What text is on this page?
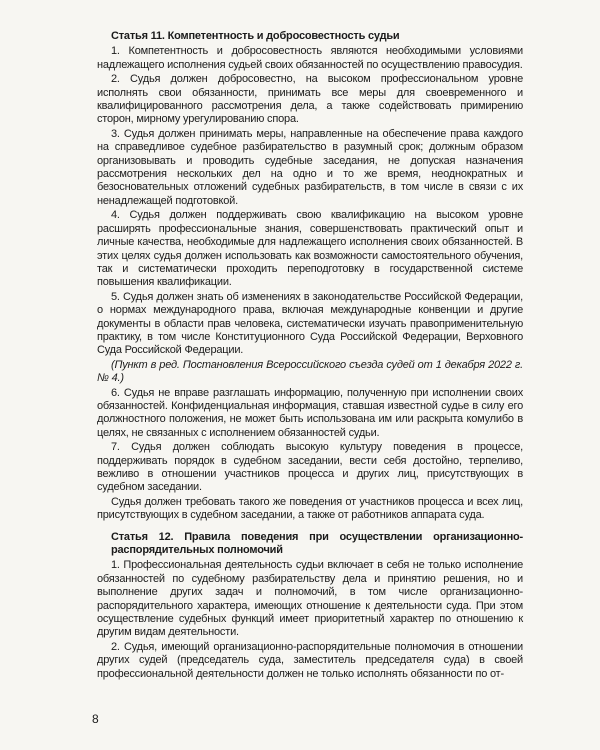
Статья 11. Компетентность и добросовестность судьи

1. Компетентность и добросовестность являются необходимыми условиями надлежащего исполнения судьей своих обязанностей по осуществлению правосудия.

2. Судья должен добросовестно, на высоком профессиональном уровне исполнять свои обязанности, принимать все меры для своевременного и квалифицированного рассмотрения дела, а также содействовать примирению сторон, мирному урегулированию спора.

3. Судья должен принимать меры, направленные на обеспечение права каждого на справедливое судебное разбирательство в разумный срок; должным образом организовывать и проводить судебные заседания, не допуская назначения рассмотрения нескольких дел на одно и то же время, неоднократных и безосновательных отложений судебных разбирательств, в том числе в связи с их ненадлежащей подготовкой.

4. Судья должен поддерживать свою квалификацию на высоком уровне расширять профессиональные знания, совершенствовать практический опыт и личные качества, необходимые для надлежащего исполнения своих обязанностей. В этих целях судья должен использовать как возможности самостоятельного обучения, так и систематически проходить переподготовку в государственной системе повышения квалификации.

5. Судья должен знать об изменениях в законодательстве Российской Федерации, о нормах международного права, включая международные конвенции и другие документы в области прав человека, систематически изучать правоприменительную практику, в том числе Конституционного Суда Российской Федерации, Верховного Суда Российской Федерации.

(Пункт в ред. Постановления Всероссийского съезда судей от 1 декабря 2022 г. № 4.)

6. Судья не вправе разглашать информацию, полученную при исполнении своих обязанностей. Конфиденциальная информация, ставшая известной судье в силу его должностного положения, не может быть использована им или раскрыта комулибо в целях, не связанных с исполнением обязанностей судьи.

7. Судья должен соблюдать высокую культуру поведения в процессе, поддерживать порядок в судебном заседании, вести себя достойно, терпеливо, вежливо в отношении участников процесса и других лиц, присутствующих в судебном заседании.

Судья должен требовать такого же поведения от участников процесса и всех лиц, присутствующих в судебном заседании, а также от работников аппарата суда.

Статья 12. Правила поведения при осуществлении организационно-распорядительных полномочий

1. Профессиональная деятельность судьи включает в себя не только исполнение обязанностей по судебному разбирательству дела и принятию решения, но и выполнение других задач и полномочий, в том числе организационно-распорядительного характера, имеющих отношение к деятельности суда. При этом осуществление судебных функций имеет приоритетный характер по отношению к другим видам деятельности.

2. Судья, имеющий организационно-распорядительные полномочия в отношении других судей (председатель суда, заместитель председателя суда) в своей профессиональной деятельности должен не только исполнять обязанности по от-

8
